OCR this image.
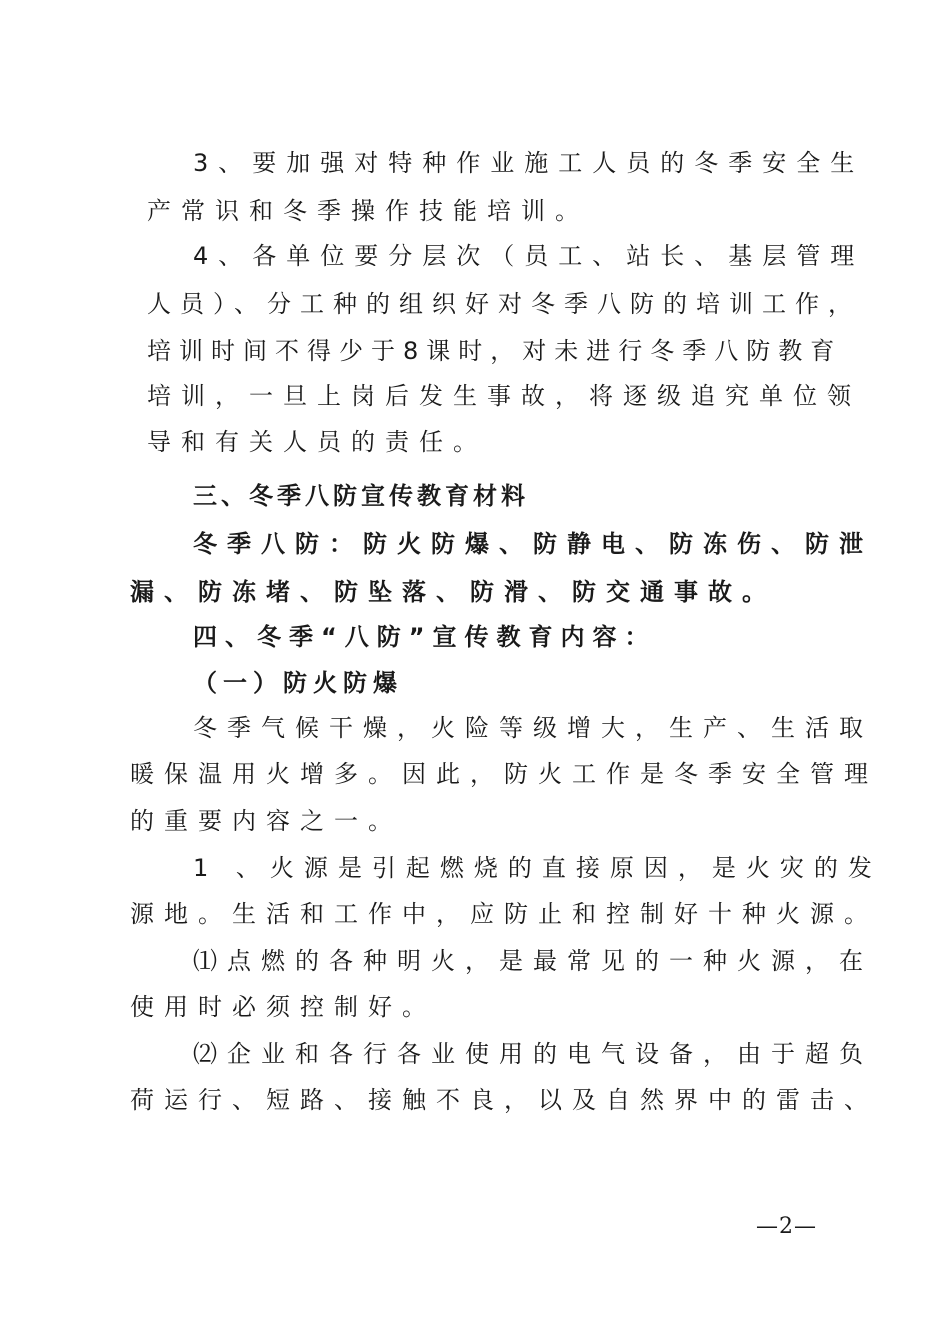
3、要加强对特种作业施工人员的冬季安全生
产常识和冬季操作技能培训。
4、各单位要分层次（员工、站长、基层管理
人员）、分工种的组织好对冬季八防的培训工作，
培训时间不得少于8课时，对未进行冬季八防教育
培训，一旦上岗后发生事故，将逐级追究单位领
导和有关人员的责任。
三、冬季八防宣传教育材料
冬季八防：防火防爆、防静电、防冻伤、防泄
漏、防冻堵、防坠落、防滑、防交通事故。
四、冬季“八防”宣传教育内容：
（一）防火防爆
冬季气候干燥，火险等级增大，生产、生活取
暖保温用火增多。因此，防火工作是冬季安全管理
的重要内容之一。
1 、火源是引起燃烧的直接原因，是火灾的发
源地。生活和工作中，应防止和控制好十种火源。
⑴点燃的各种明火，是最常见的一种火源，在
使用时必须控制好。
⑵企业和各行各业使用的电气设备，由于超负
荷运行、短路、接触不良，以及自然界中的雷击、
—2—
